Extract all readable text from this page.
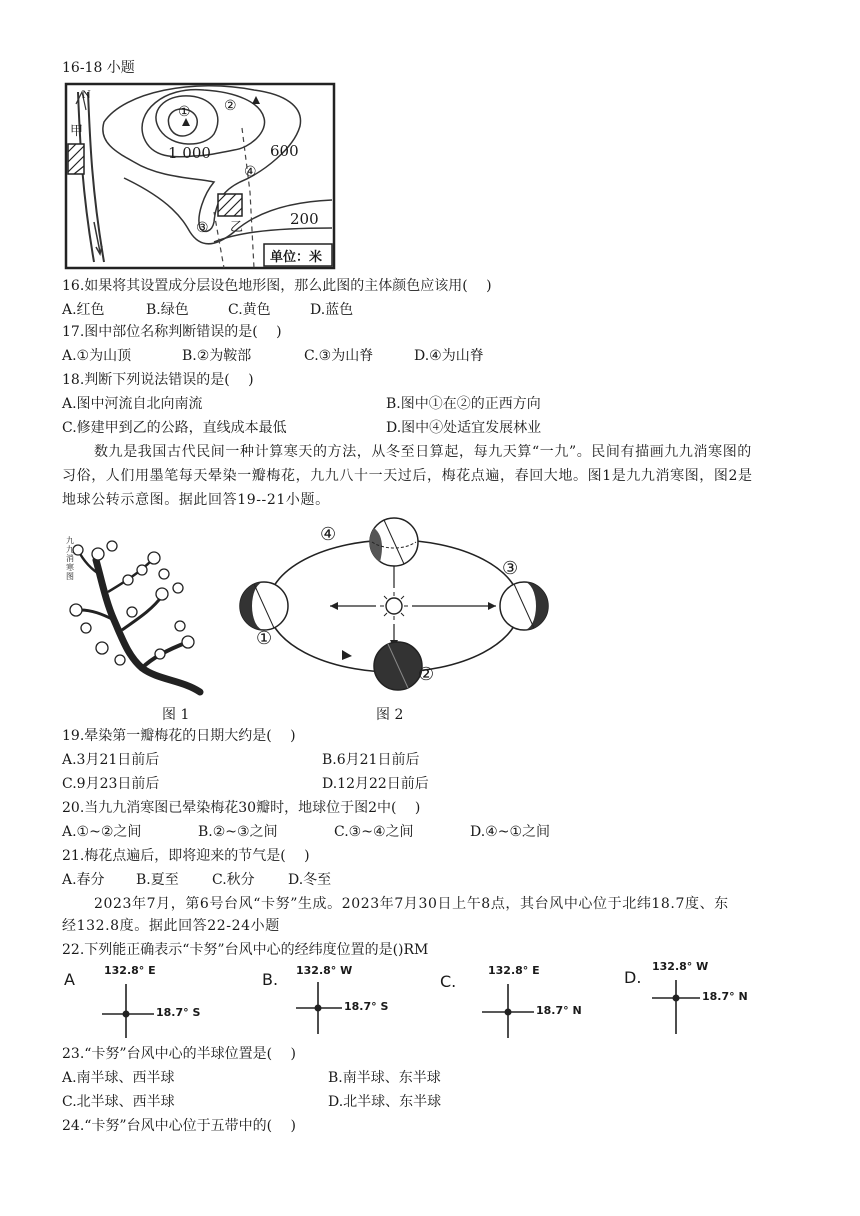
16-18 小题
1 000	600
200
单位：米
甲
乙
N
① ②
③
④
16.如果将其设置成分层设色地形图，那么此图的主体颜色应该用(　 )
A.红色	B.绿色	C.黄色	D.蓝色
17.图中部位名称判断错误的是(　 )
A.①为山顶	B.②为鞍部	C.③为山脊	D.④为山脊
18.判断下列说法错误的是(　 )
A.图中河流自北向南流	B.图中①在②的正西方向
C.修建甲到乙的公路，直线成本最低	D.图中④处适宜发展林业
数九是我国古代民间一种计算寒天的方法，从冬至日算起，每九天算“一九”。民间有描画九九消寒图的
习俗，人们用墨笔每天晕染一瓣梅花，九九八十一天过后，梅花点遍，春回大地。图1是九九消寒图，图2是
地球公转示意图。据此回答19--21小题。
九九消寒图
图 1
①
②
③
④
图 2
19.晕染第一瓣梅花的日期大约是(　 )
A.3月21日前后	B.6月21日前后
C.9月23日前后	D.12月22日前后
20.当九九消寒图已晕染梅花30瓣时，地球位于图2中(　 )
A.①~②之间	B.②~③之间	C.③~④之间	D.④~①之间
21.梅花点遍后，即将迎来的节气是(　 )
A.春分 B.夏至 C.秋分 D.冬至
2023年7月，第6号台风“卡努”生成。2023年7月30日上午8点，其台风中心位于北纬18.7度、东
经132.8度。据此回答22-24小题
22.下列能正确表示“卡努”台风中心的经纬度位置的是()RM
A	132.8° E
18.7° S
B. 132.8° W
18.7° S
C.
132.8° E
18.7° N
D.
132.8° W
18.7° N
23.“卡努”台风中心的半球位置是(　 )
A.南半球、西半球	B.南半球、东半球
C.北半球、西半球	D.北半球、东半球
24.“卡努”台风中心位于五带中的(　 )
